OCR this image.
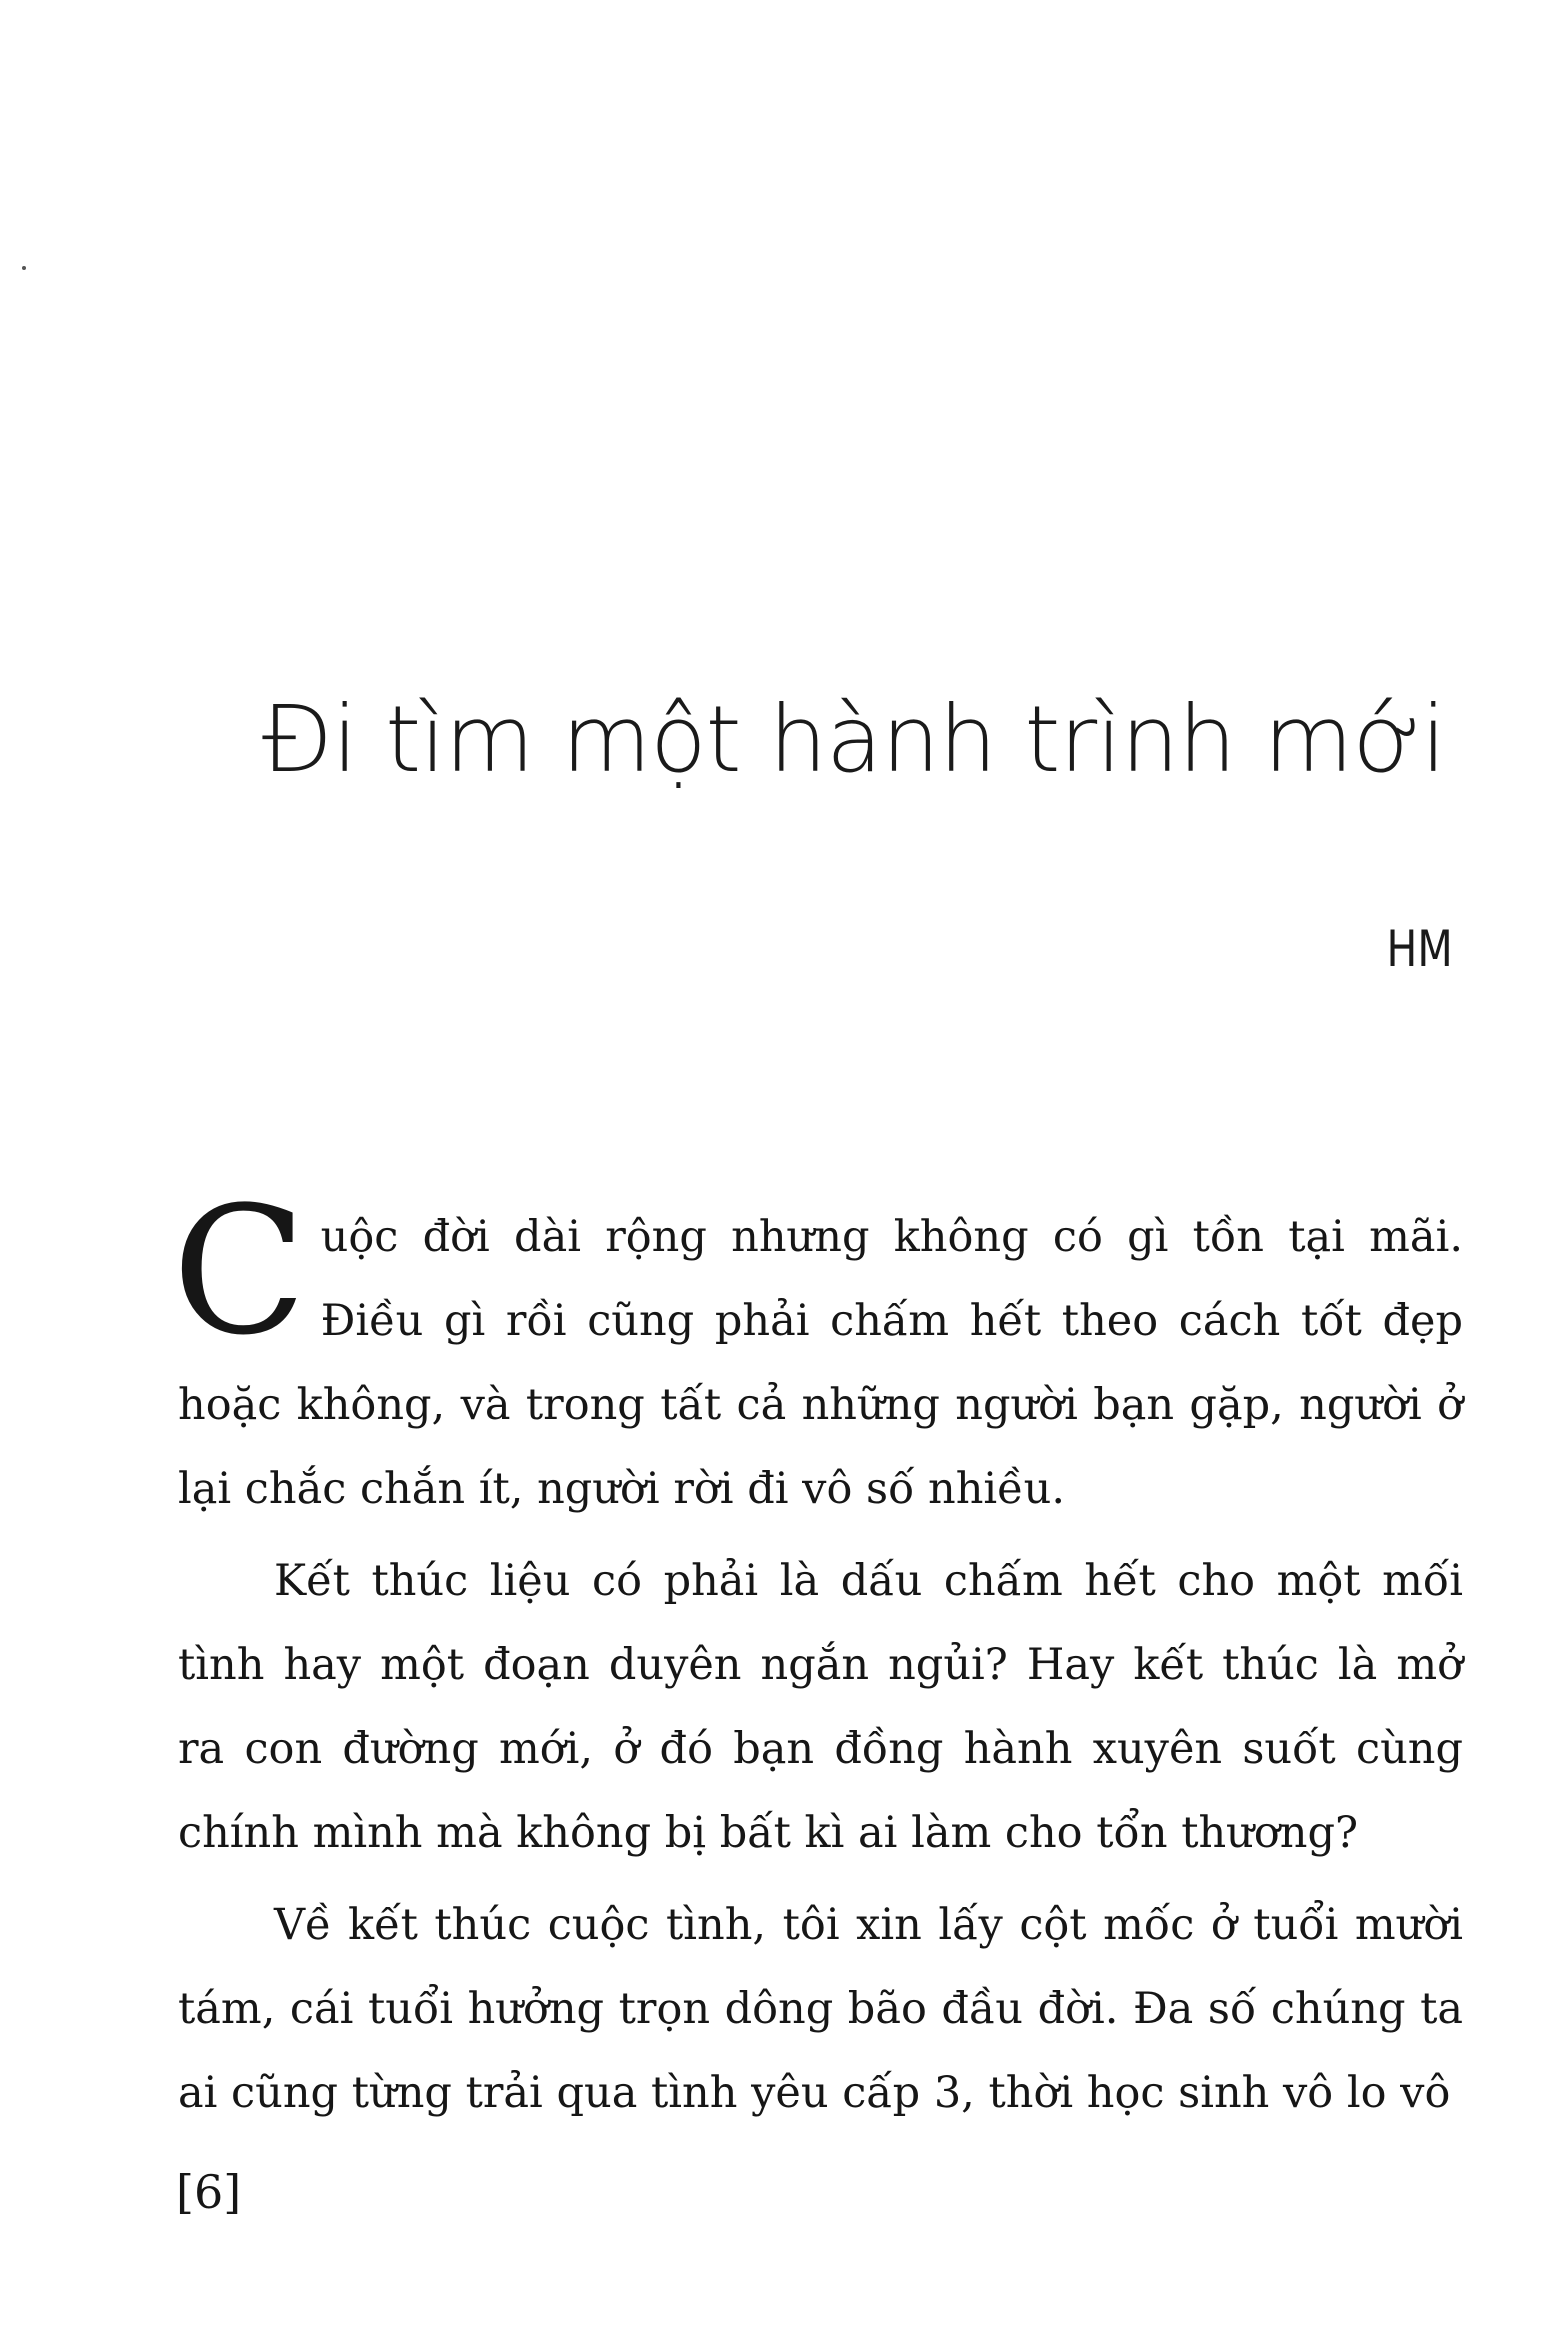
Đi tìm một hành trình mới
HM

Cuộc đời dài rộng nhưng không có gì tồn tại mãi. Điều gì rồi cũng phải chấm hết theo cách tốt đẹp hoặc không, và trong tất cả những người bạn gặp, người ở lại chắc chắn ít, người rời đi vô số nhiều.

Kết thúc liệu có phải là dấu chấm hết cho một mối tình hay một đoạn duyên ngắn ngủi? Hay kết thúc là mở ra con đường mới, ở đó bạn đồng hành xuyên suốt cùng chính mình mà không bị bất kì ai làm cho tổn thương?

Về kết thúc cuộc tình, tôi xin lấy cột mốc ở tuổi mười tám, cái tuổi hưởng trọn dông bão đầu đời. Đa số chúng ta ai cũng từng trải qua tình yêu cấp 3, thời học sinh vô lo vô

[6]
